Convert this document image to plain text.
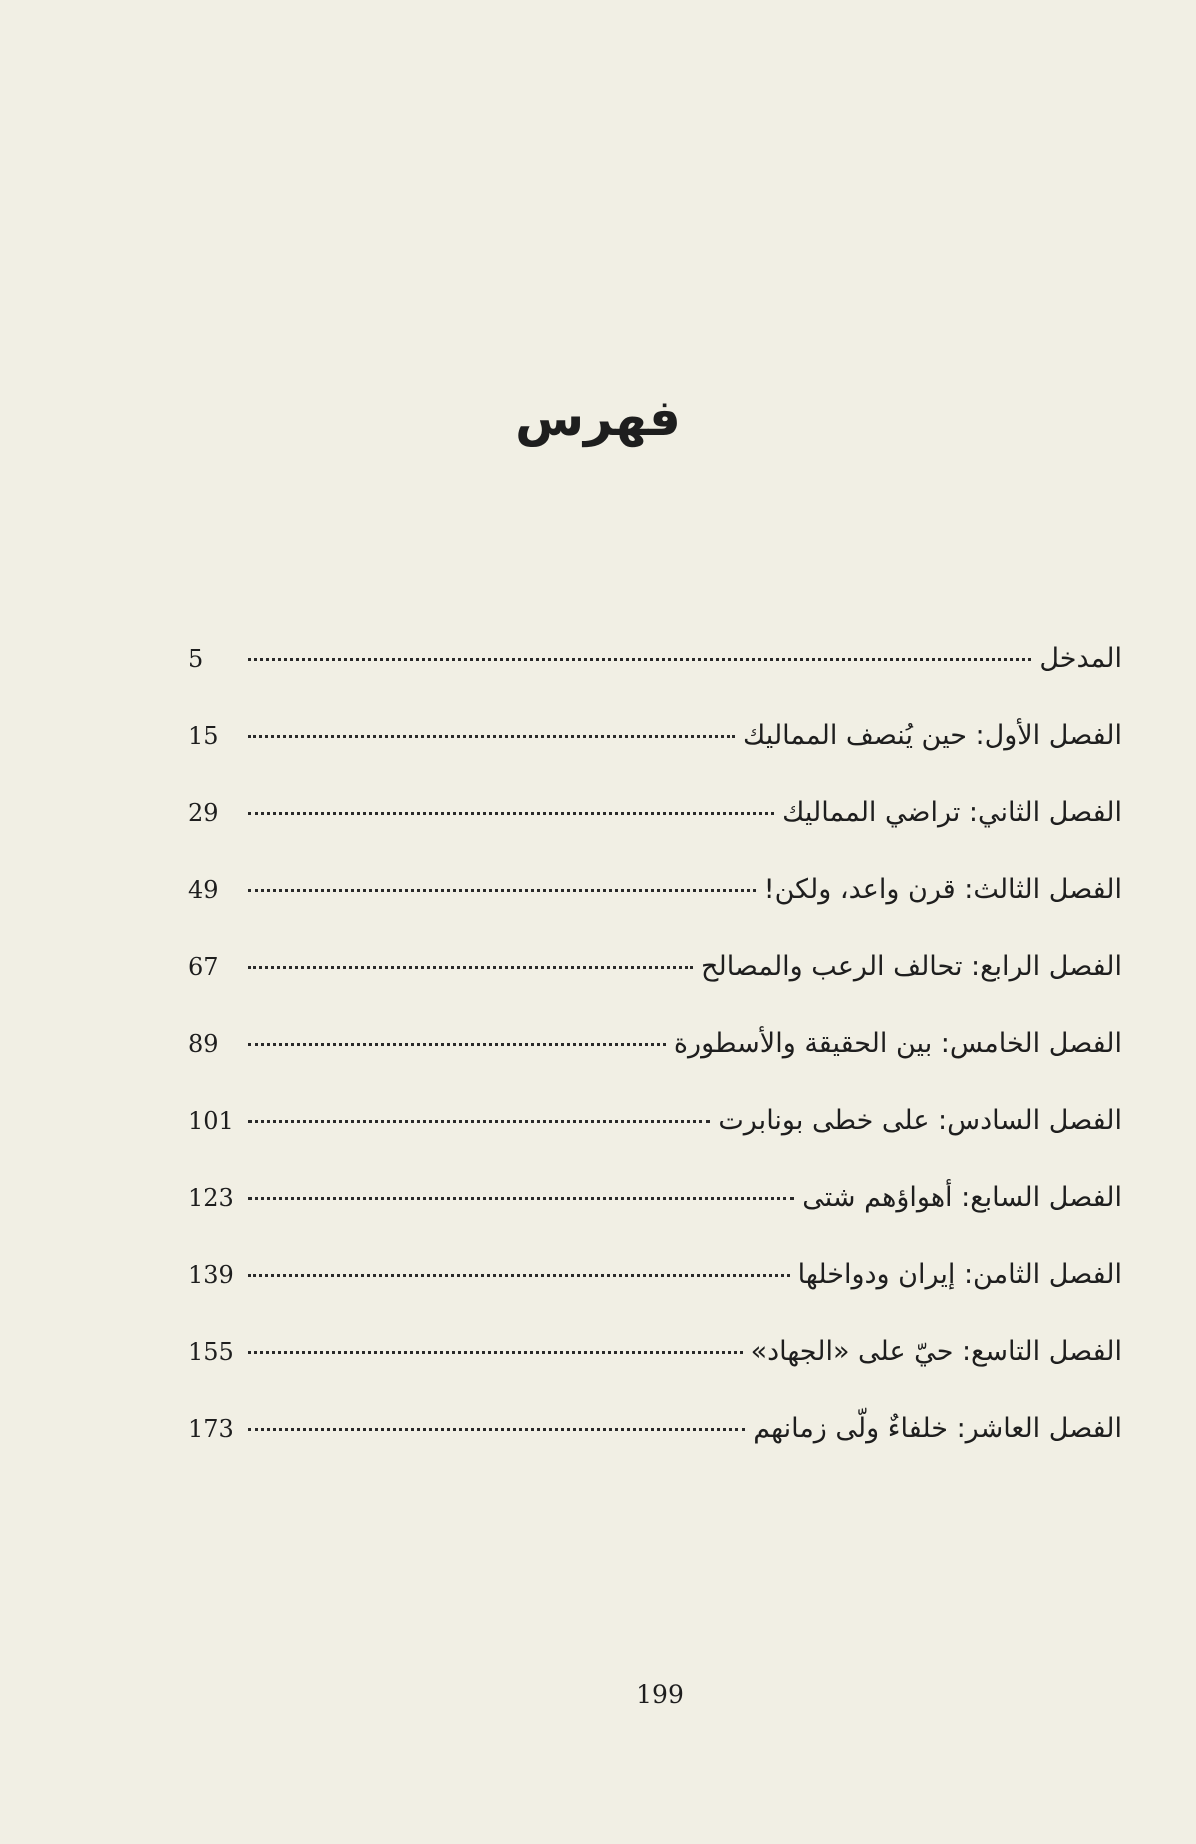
فهرس
5	المدخل
15	الفصل الأول: حين يُنصف المماليك
29	الفصل الثاني: تراضي المماليك
49	الفصل الثالث: قرن واعد، ولكن!
67	الفصل الرابع: تحالف الرعب والمصالح
89	الفصل الخامس: بين الحقيقة والأسطورة
101	الفصل السادس: على خطى بونابرت
123	الفصل السابع: أهواؤهم شتى
139	الفصل الثامن: إيران ودواخلها
155	الفصل التاسع: حيّ على «الجهاد»
173	الفصل العاشر: خلفاءٌ ولّى زمانهم
199
